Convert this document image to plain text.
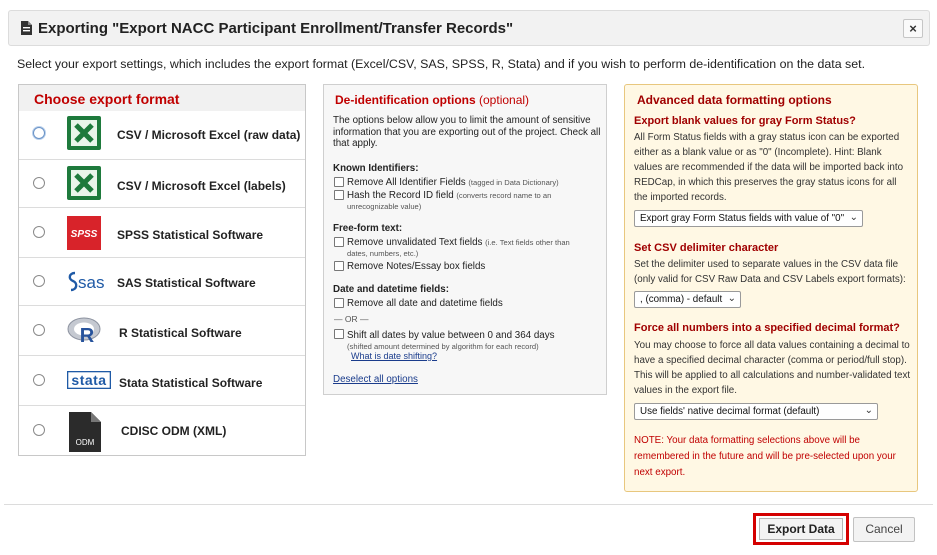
Exporting "Export NACC Participant Enrollment/Transfer Records"	×
Select your export settings, which includes the export format (Excel/CSV, SAS, SPSS, R, Stata) and if you wish to perform de-identification on the data set.
Choose export format
CSV / Microsoft Excel (raw data)
CSV / Microsoft Excel (labels)
SPSS SPSS Statistical Software
sas SAS Statistical Software
R R Statistical Software
stata Stata Statistical Software
ODM
CDISC ODM (XML)
De-identification options (optional)
The options below allow you to limit the amount of sensitive information that you are exporting out of the project. Check all that apply.
Known Identifiers:
Remove All Identifier Fields (tagged in Data Dictionary)
Hash the Record ID field (converts record name to an
unrecognizable value)
Free-form text:
Remove unvalidated Text fields (i.e. Text fields other than
dates, numbers, etc.)
Remove Notes/Essay box fields
Date and datetime fields:
Remove all date and datetime fields
— OR —
Shift all dates by value between 0 and 364 days
(shifted amount determined by algorithm for each record)
What is date shifting?
Deselect all options
Advanced data formatting options
Export blank values for gray Form Status?
All Form Status fields with a gray status icon can be exported either as a blank value or as "0" (Incomplete). Hint: Blank values are recommended if the data will be imported back into REDCap, in which this preserves the gray status icons for all the imported records.
Export gray Form Status fields with value of "0" ⌄
Set CSV delimiter character
Set the delimiter used to separate values in the CSV data file (only valid for CSV Raw Data and CSV Labels export formats):
, (comma) - default ⌄
Force all numbers into a specified decimal format?
You may choose to force all data values containing a decimal to have a specified decimal character (comma or period/full stop). This will be applied to all calculations and number-validated text values in the export file.
Use fields' native decimal format (default)	⌄
NOTE: Your data formatting selections above will be remembered in the future and will be pre-selected upon your next export.
Export Data	Cancel
